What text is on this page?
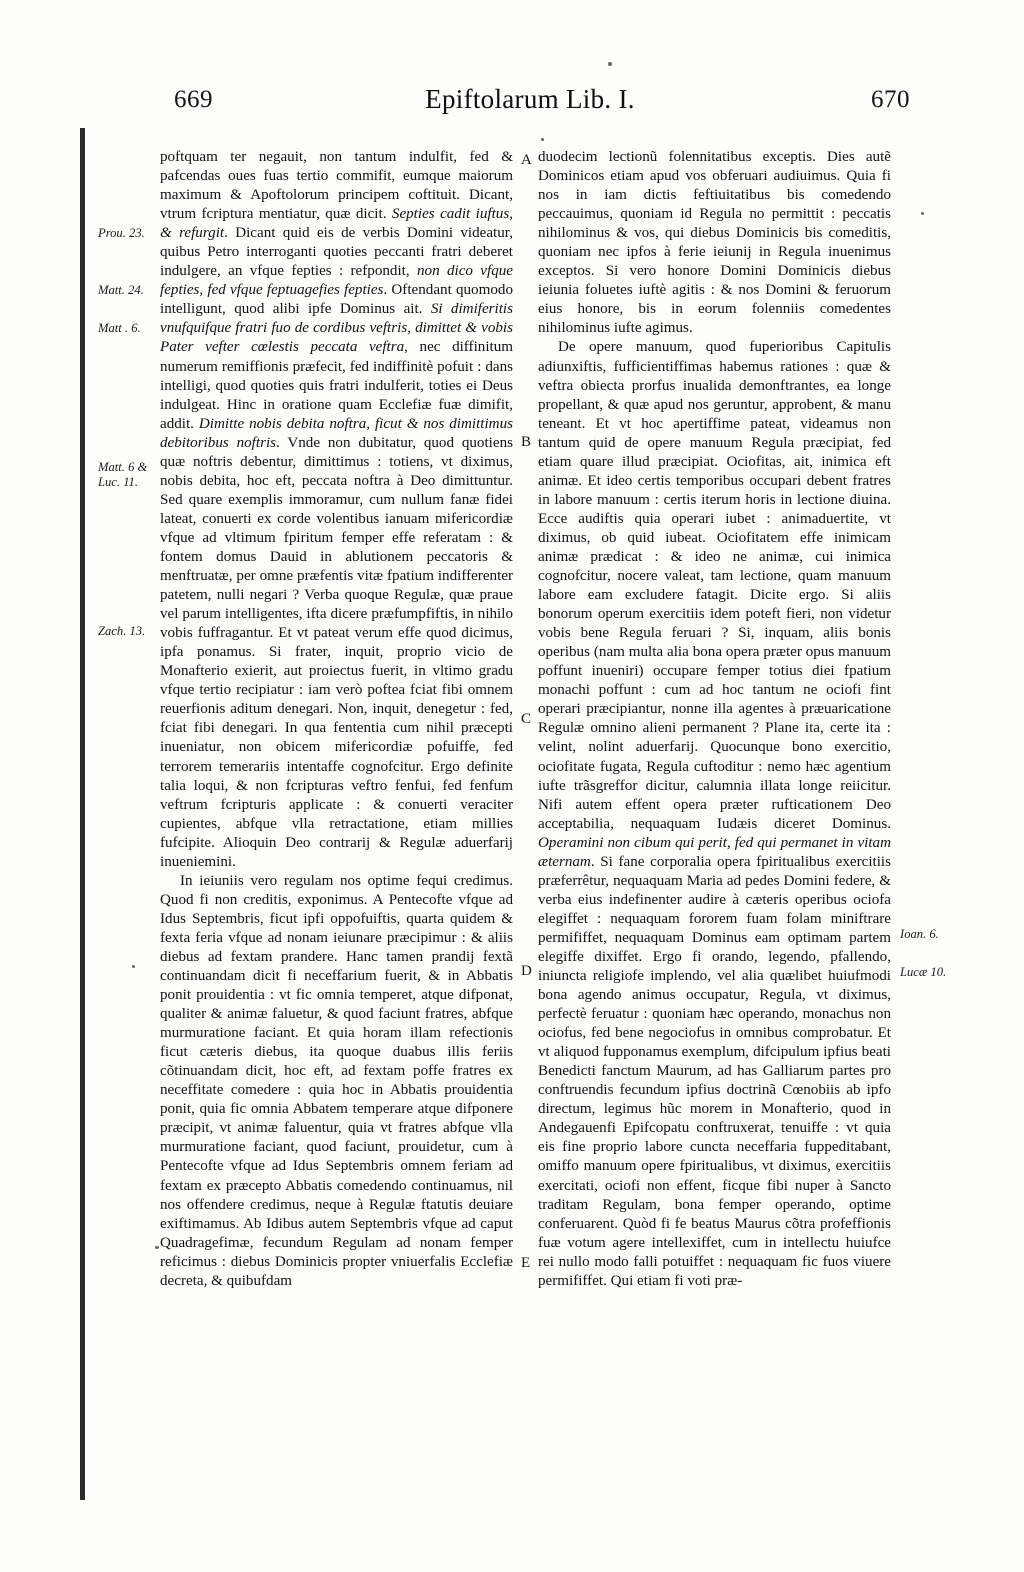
669	Epiftolarum Lib. I.	670

poftquam ter negauit, non tantum indulfit, fed & pafcendas oues fuas tertio commifit, eumque maiorum maximum & Apoftolorum principem coftituit. Dicant, vtrum fcriptura mentiatur, quæ dicit. Septies cadit iuftus, & refurgit. Dicant quid eis de verbis Domini videatur, quibus Petro interroganti quoties peccanti fratri deberet indulgere, an vfque fepties : refpondit, non dico vfque fepties, fed vfque feptuagefies fepties. Oftendant quomodo intelligunt, quod alibi ipfe Dominus ait. Si dimiferitis vnufquifque fratri fuo de cordibus veftris, dimittet & vobis Pater vefter cœlestis peccata veftra, nec diffinitum numerum remiffionis præfecit, fed indiffinitè pofuit : dans intelligi, quod quoties quis fratri indulferit, toties ei Deus indulgeat. Hinc in oratione quam Ecclefiæ fuæ dimifit, addit. Dimitte nobis debita noftra, ficut & nos dimittimus debitoribus noftris. Vnde non dubitatur, quod quotiens quæ noftris debentur, dimittimus : totiens, vt diximus, nobis debita, hoc eft, peccata noftra à Deo dimittuntur. Sed quare exemplis immoramur, cum nullum fanæ fidei lateat, conuerti ex corde volentibus ianuam mifericordiæ vfque ad vltimum fpiritum femper effe referatam : & fontem domus Dauid in ablutionem peccatoris & menftruatæ, per omne præfentis vitæ fpatium indifferenter patetem, nulli negari ? Verba quoque Regulæ, quæ praue vel parum intelligentes, ifta dicere præfumpfiftis, in nihilo vobis fuffragantur. Et vt pateat verum effe quod dicimus, ipfa ponamus. Si frater, inquit, proprio vicio de Monafterio exierit, aut proiectus fuerit, in vltimo gradu vfque tertio recipiatur : iam verò poftea fciat fibi omnem reuerfionis aditum denegari. Non, inquit, denegetur : fed, fciat fibi denegari. In qua fententia cum nihil præcepti inueniatur, non obicem mifericordiæ pofuiffe, fed terrorem temerariis intentaffe cognofcitur. Ergo definite talia loqui, & non fcripturas veftro fenfui, fed fenfum veftrum fcripturis applicate : & conuerti veraciter cupientes, abfque vlla retractatione, etiam millies fufcipite. Alioquin Deo contrarij & Regulæ aduerfarij inueniemini.

In ieiuniis vero regulam nos optime fequi credimus. Quod fi non creditis, exponimus. A Pentecofte vfque ad Idus Septembris, ficut ipfi oppofuiftis, quarta quidem & fexta feria vfque ad nonam ieiunare præcipimur : & aliis diebus ad fextam prandere. Hanc tamen prandij fextã continuandam dicit fi neceffarium fuerit, & in Abbatis ponit prouidentia : vt fic omnia temperet, atque difponat, qualiter & animæ faluetur, & quod faciunt fratres, abfque murmuratione faciant. Et quia horam illam refectionis ficut cæteris diebus, ita quoque duabus illis feriis cõtinuandam dicit, hoc eft, ad fextam poffe fratres ex neceffitate comedere : quia hoc in Abbatis prouidentia ponit, quia fic omnia Abbatem temperare atque difponere præcipit, vt animæ faluentur, quia vt fratres abfque vlla murmuratione faciant, quod faciunt, prouidetur, cum à Pentecofte vfque ad Idus Septembris omnem feriam ad fextam ex præcepto Abbatis comedendo continuamus, nil nos offendere credimus, neque à Regulæ ftatutis deuiare exiftimamus. Ab Idibus autem Septembris vfque ad caput Quadragefimæ, fecundum Regulam ad nonam femper reficimus : diebus Dominicis propter vniuerfalis Ecclefiæ decreta, & quibufdam

duodecim lectionũ folennitatibus exceptis. Dies autẽ Dominicos etiam apud vos obferuari audiuimus. Quia fi nos in iam dictis feftiuitatibus bis comedendo peccauimus, quoniam id Regula no permittit : peccatis nihilominus & vos, qui diebus Dominicis bis comeditis, quoniam nec ipfos à ferie ieiunij in Regula inuenimus exceptos. Si vero honore Domini Dominicis diebus ieiunia foluetes iuftè agitis : & nos Domini & feruorum eius honore, bis in eorum folenniis comedentes nihilominus iufte agimus.

De opere manuum, quod fuperioribus Capitulis adiunxiftis, fufficientiffimas habemus rationes : quæ & veftra obiecta prorfus inualida demonftrantes, ea longe propellant, & quæ apud nos geruntur, approbent, & manu teneant. Et vt hoc apertiffime pateat, videamus non tantum quid de opere manuum Regula præcipiat, fed etiam quare illud præcipiat. Ociofitas, ait, inimica eft animæ. Et ideo certis temporibus occupari debent fratres in labore manuum : certis iterum horis in lectione diuina. Ecce audiftis quia operari iubet : animaduertite, vt diximus, ob quid iubeat. Ociofitatem effe inimicam animæ prædicat : & ideo ne animæ, cui inimica cognofcitur, nocere valeat, tam lectione, quam manuum labore eam excludere fatagit. Dicite ergo. Si aliis bonorum operum exercitiis idem poteft fieri, non videtur vobis bene Regula feruari ? Si, inquam, aliis bonis operibus (nam multa alia bona opera præter opus manuum poffunt inueniri) occupare femper totius diei fpatium monachi poffunt : cum ad hoc tantum ne ociofi fint operari præcipiantur, nonne illa agentes à præuaricatione Regulæ omnino alieni permanent ? Plane ita, certe ita : velint, nolint aduerfarij. Quocunque bono exercitio, ociofitate fugata, Regula cuftoditur : nemo hæc agentium iufte trãsgreffor dicitur, calumnia illata longe reiicitur. Nifi autem effent opera præter rufticationem Deo acceptabilia, nequaquam Iudæis diceret Dominus. Operamini non cibum qui perit, fed qui permanet in vitam æternam. Si fane corporalia opera fpiritualibus exercitiis præferrêtur, nequaquam Maria ad pedes Domini federe, & verba eius indefinenter audire à cæteris operibus ociofa elegiffet : nequaquam fororem fuam folam miniftrare permififfet, nequaquam Dominus eam optimam partem elegiffe dixiffet. Ergo fi orando, legendo, pfallendo, iniuncta religiofe implendo, vel alia quælibet huiufmodi bona agendo animus occupatur, Regula, vt diximus, perfectè feruatur : quoniam hæc operando, monachus non ociofus, fed bene negociofus in omnibus comprobatur. Et vt aliquod fupponamus exemplum, difcipulum ipfius beati Benedicti fanctum Maurum, ad has Galliarum partes pro conftruendis fecundum ipfius doctrinã Cœnobiis ab ipfo directum, legimus hũc morem in Monafterio, quod in Andegauenfi Epifcopatu conftruxerat, tenuiffe : vt quia eis fine proprio labore cuncta neceffaria fuppeditabant, omiffo manuum opere fpiritualibus, vt diximus, exercitiis exercitati, ociofi non effent, ficque fibi nuper à Sancto traditam Regulam, bona femper operando, optime conferuarent. Quòd fi fe beatus Maurus cõtra profeffionis fuæ votum agere intellexiffet, cum in intellectu huiufce rei nullo modo falli potuiffet : nequaquam fic fuos viuere permififfet. Qui etiam fi voti præ-

Prou. 23.
Matt. 24.
Matt . 6.
Matt. 6 &
Luc. 11.
Zach. 13.
Ioan. 6.
Lucæ 10.
A
B
C
D
E
